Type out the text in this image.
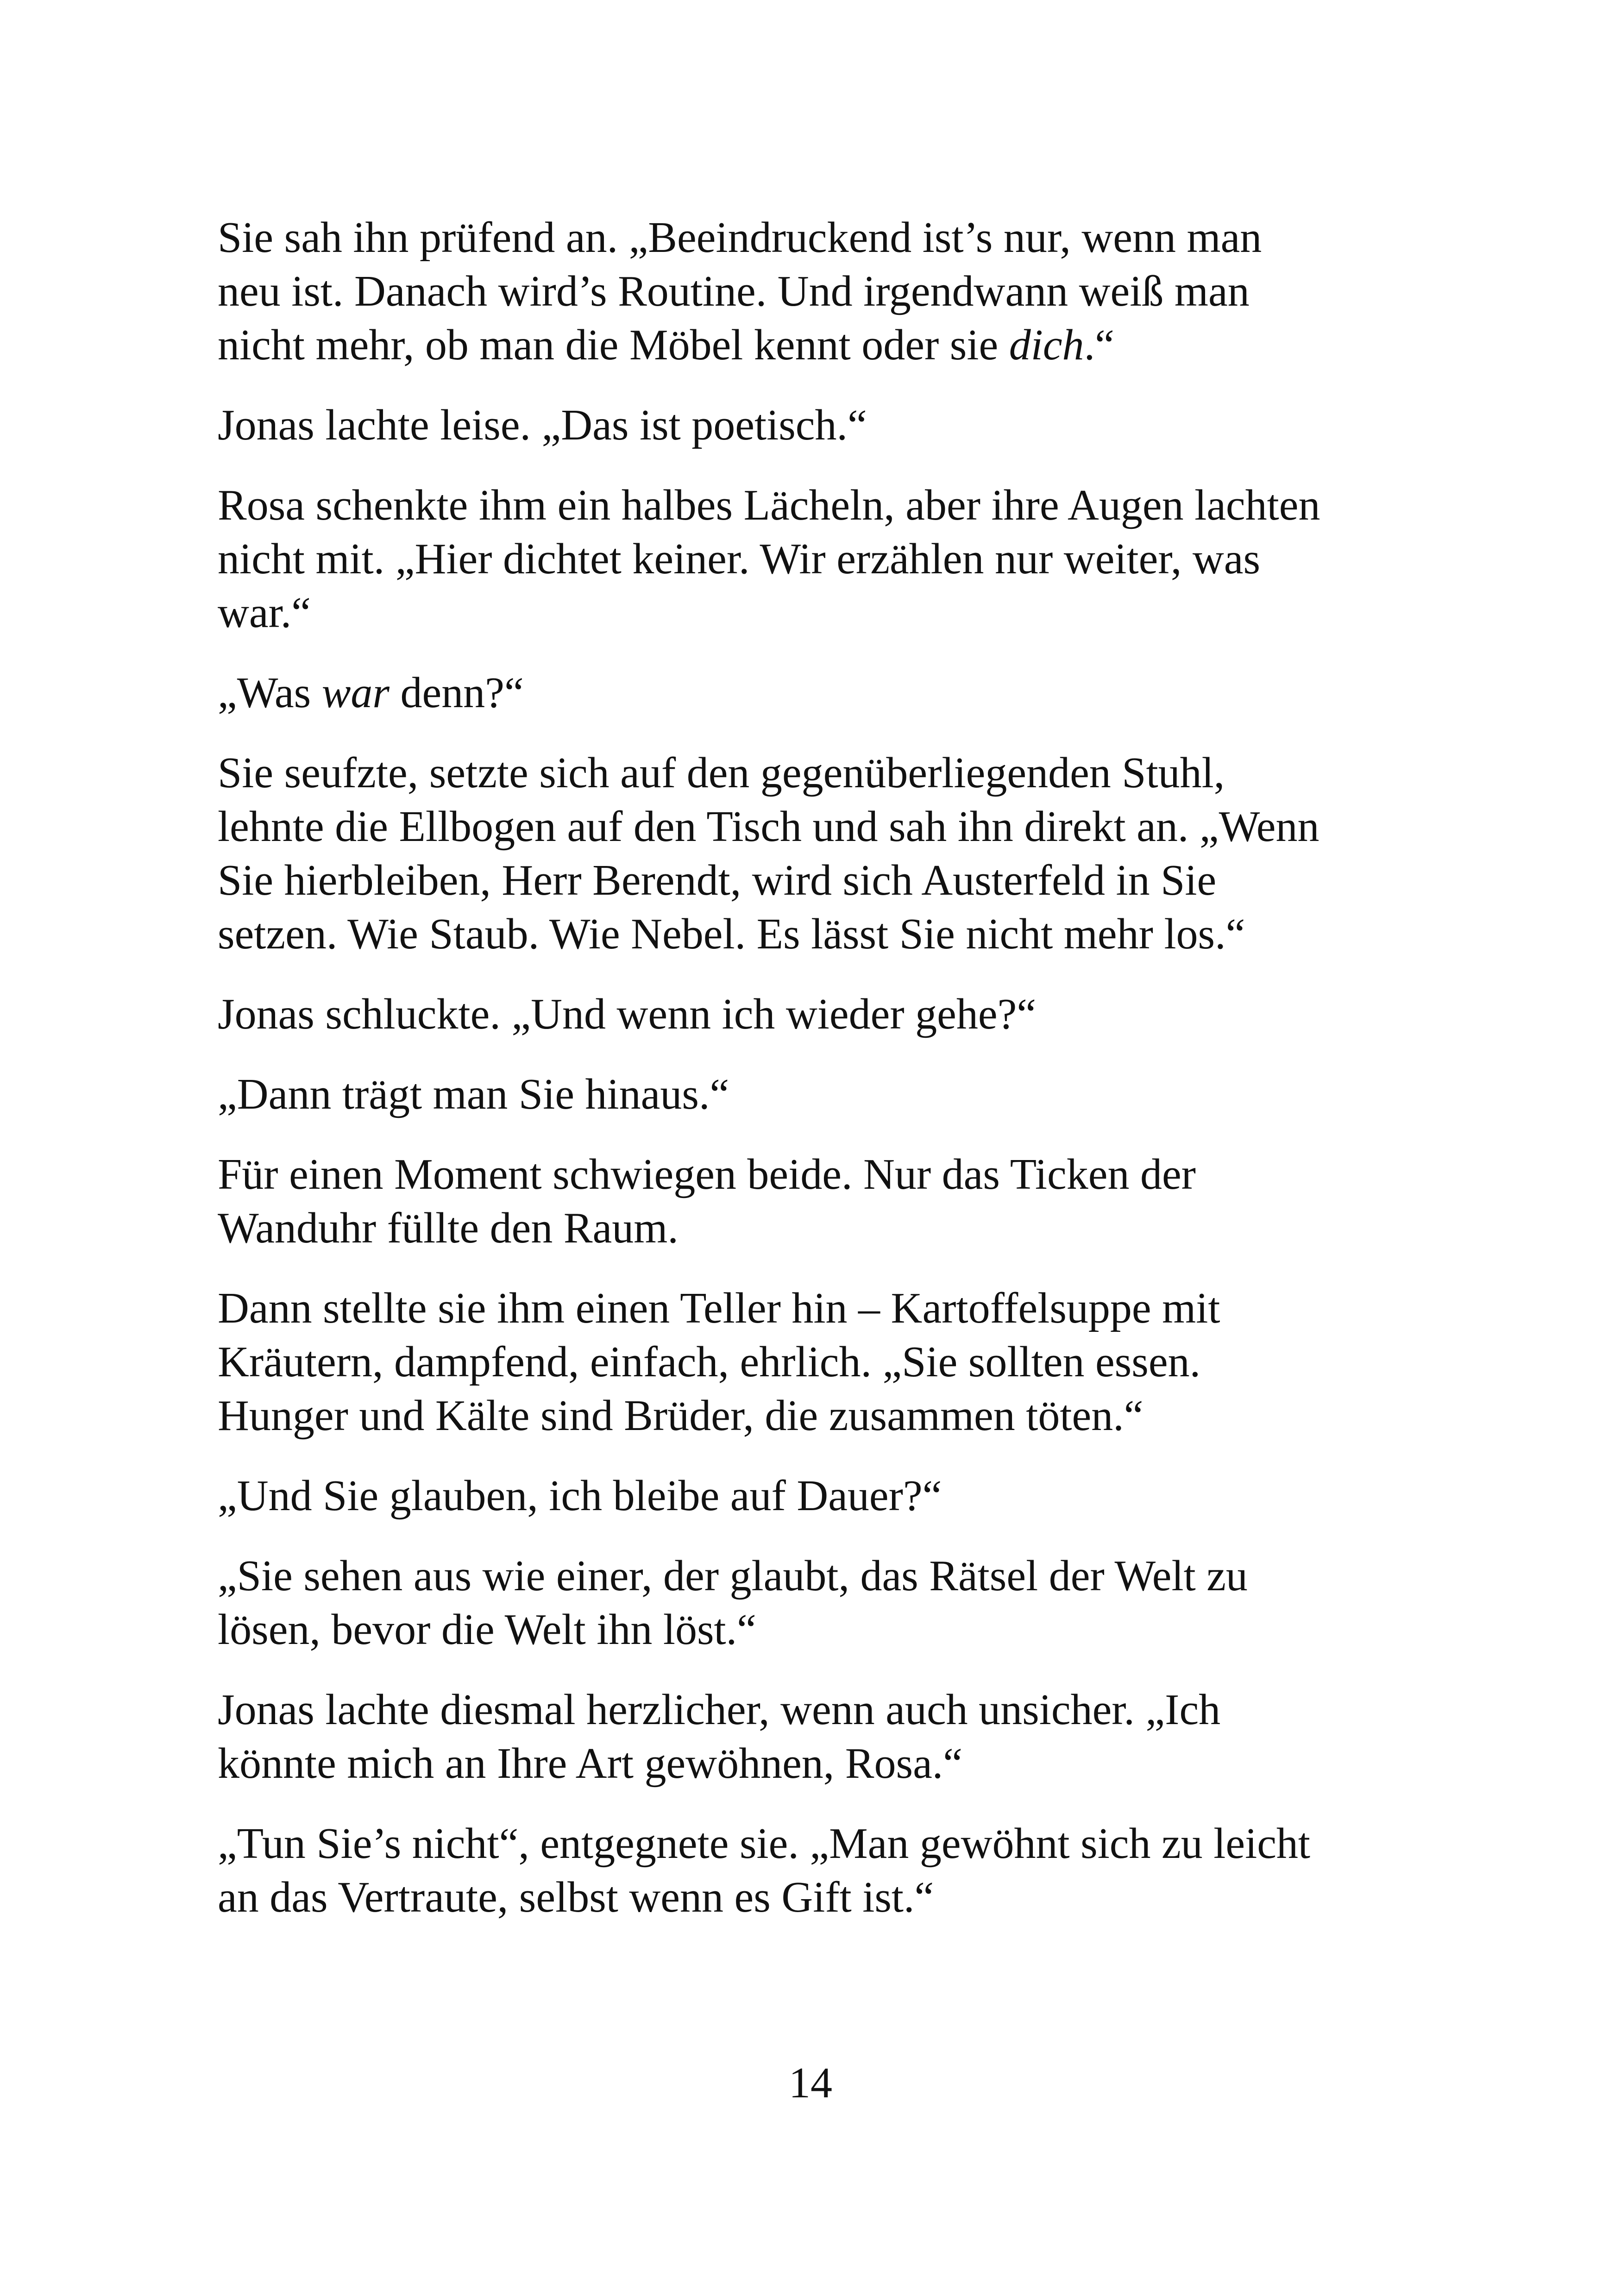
Sie sah ihn prüfend an. „Beeindruckend ist’s nur, wenn man
neu ist. Danach wird’s Routine. Und irgendwann weiß man
nicht mehr, ob man die Möbel kennt oder sie dich.“

Jonas lachte leise. „Das ist poetisch.“

Rosa schenkte ihm ein halbes Lächeln, aber ihre Augen lachten
nicht mit. „Hier dichtet keiner. Wir erzählen nur weiter, was
war.“

„Was war denn?“

Sie seufzte, setzte sich auf den gegenüberliegenden Stuhl,
lehnte die Ellbogen auf den Tisch und sah ihn direkt an. „Wenn
Sie hierbleiben, Herr Berendt, wird sich Austerfeld in Sie
setzen. Wie Staub. Wie Nebel. Es lässt Sie nicht mehr los.“

Jonas schluckte. „Und wenn ich wieder gehe?“

„Dann trägt man Sie hinaus.“

Für einen Moment schwiegen beide. Nur das Ticken der
Wanduhr füllte den Raum.

Dann stellte sie ihm einen Teller hin – Kartoffelsuppe mit
Kräutern, dampfend, einfach, ehrlich. „Sie sollten essen.
Hunger und Kälte sind Brüder, die zusammen töten.“

„Und Sie glauben, ich bleibe auf Dauer?“

„Sie sehen aus wie einer, der glaubt, das Rätsel der Welt zu
lösen, bevor die Welt ihn löst.“

Jonas lachte diesmal herzlicher, wenn auch unsicher. „Ich
könnte mich an Ihre Art gewöhnen, Rosa.“

„Tun Sie’s nicht“, entgegnete sie. „Man gewöhnt sich zu leicht
an das Vertraute, selbst wenn es Gift ist.“

14
